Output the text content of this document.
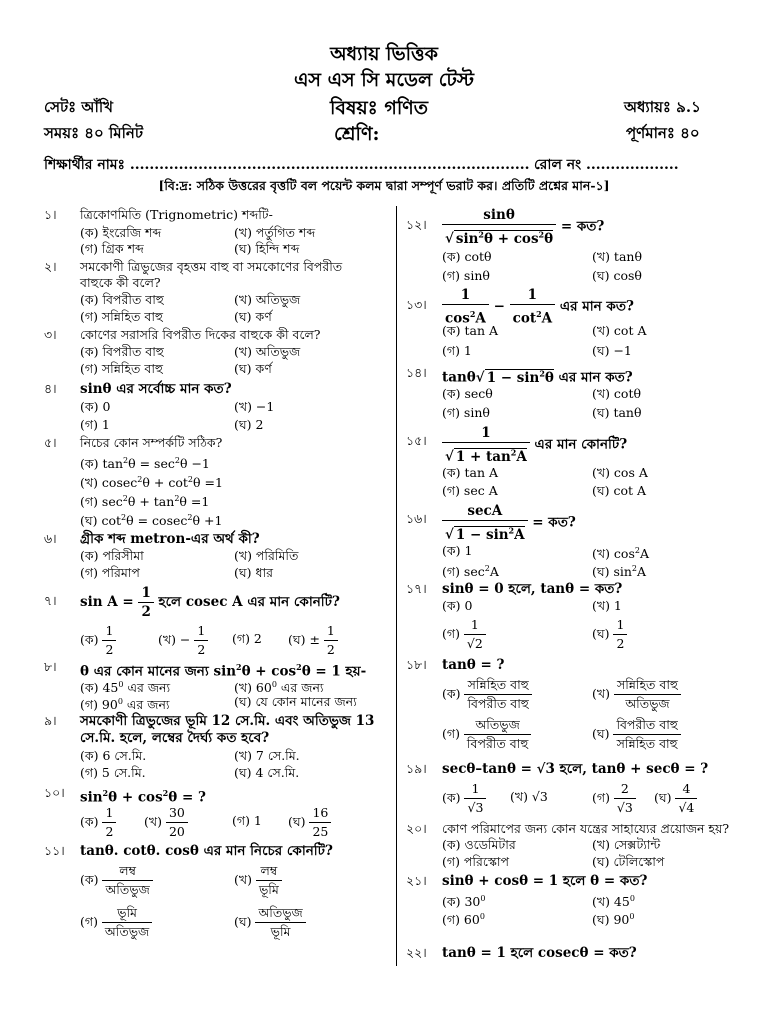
অধ্যায় ভিত্তিক
এস এস সি মডেল টেস্ট
সেটঃ আঁখি	বিষয়ঃ গণিত	অধ্যায়ঃ ৯.১
সময়ঃ ৪০ মিনিট	শ্রেণি:	পূর্ণমানঃ ৪০
শিক্ষার্থীর নামঃ .................................................................................. রোল নং ...................
[বি:দ্র: সঠিক উত্তরের বৃত্তটি বল পয়েন্ট কলম দ্বারা সম্পূর্ণ ভরাট কর। প্রতিটি প্রশ্নের মান-১]
১। ত্রিকোণমিতি (Trignometric) শব্দটি-
(ক) ইংরেজি শব্দ	(খ) পর্তুগিত শব্দ
(গ) গ্রিক শব্দ	(ঘ) হিন্দি শব্দ
২। সমকোণী ত্রিভুজের বৃহত্তম বাহু বা সমকোণের বিপরীত
বাহুকে কী বলে?
(ক) বিপরীত বাহু	(খ) অতিভুজ
(গ) সন্নিহিত বাহু	(ঘ) কর্ণ
৩। কোণের সরাসরি বিপরীত দিকের বাহুকে কী বলে?
(ক) বিপরীত বাহু	(খ) অতিভুজ
(গ) সন্নিহিত বাহু	(ঘ) কর্ণ
৪। sinθ এর সর্বোচ্চ মান কত?
(ক) 0	(খ) −1
(গ) 1	(ঘ) 2
৫। নিচের কোন সম্পর্কটি সঠিক?
(ক) $\tan^2\theta = \sec^2\theta -1$
(খ) $cosec^2\theta + \cot^2\theta =1$
(গ) $\sec^2\theta + \tan^2\theta =1$
(ঘ) $\cot^2\theta = cosec^2\theta +1$
৬। গ্রীক শব্দ metron-এর অর্থ কী?
(ক) পরিসীমা	(খ) পরিমিতি
(গ) পরিমাপ	(ঘ) ধার
৭। $\sin A = \frac{1}{2}$ হলে cosec A এর মান কোনটি?
(ক) $\frac{1}{2}$	(খ) − $\frac{1}{2}$ (গ) 2 (ঘ) ± $\frac{1}{2}$
৮। θ এর কোন মানের জন্য $\sin^2\theta + \cos^2\theta = 1$ হয়-
(ক) $45^0$ এর জন্য	(খ) $60^0$ এর জন্য
(গ) $90^0$ এর জন্য	(ঘ) যে কোন মানের জন্য
৯। সমকোণী ত্রিভুজের ভূমি 12 সে.মি. এবং অতিভুজ 13
সে.মি. হলে, লম্বের দৈর্ঘ্য কত হবে?
(ক) 6 সে.মি.	(খ) 7 সে.মি.
(গ) 5 সে.মি.	(ঘ) 4 সে.মি.
১০। $\sin^2\theta + \cos^2\theta$ = ?
(ক) $\frac{1}{2}$ (খ) $\frac{30}{20}$	(গ) 1 (ঘ) $\frac{16}{25}$
১১। tanθ. cotθ. cosθ এর মান নিচের কোনটি?
(ক)
লম্ব
অতিভুজ
(খ)
লম্ব
ভূমি
(গ)
ভূমি
অতিভুজ
(ঘ)
অতিভুজ
ভূমি
১২। $\frac{\sin\theta}{√ \sin^2\theta + \cos^2\theta}$ = কত?
(ক) cotθ	(খ) tanθ
(গ) sinθ	(ঘ) cosθ
১৩। $\frac{1}{\cos^2A} - \frac{1}{\cot^2A}$ এর মান কত?
(ক) tan A	(খ) cot A
(গ) 1	(ঘ) −1
১৪। tanθ√ $1 - \sin^2\theta$ এর মান কত?
(ক) secθ	(খ) cotθ
(গ) sinθ	(ঘ) tanθ
১৫। $\frac{1}{√ 1 + \tan^2A}$ এর মান কোনটি?
(ক) tan A	(খ) cos A
(গ) sec A	(ঘ) cot A
১৬।	secA
√ $1 - \sin^2A$
= কত?
(ক) 1	(খ) $\cos^2A$
(গ) $\sec^2A$	(ঘ) $\sin^2A$
১৭। sinθ = 0 হলে, tanθ = কত?
(ক) 0	(খ) 1
(গ) $\frac{1}{√2}$	(ঘ) $\frac{1}{2}$
১৮। tanθ = ?
(ক)
সন্নিহিত বাহু
বিপরীত বাহু
(খ)
সন্নিহিত বাহু
অতিভুজ
(গ)
অতিভুজ
বিপরীত বাহু
(ঘ)
বিপরীত বাহু
সন্নিহিত বাহু
১৯। secθ–tanθ = √3 হলে, tanθ + secθ = ?
(ক) $\frac{1}{√3}$ (খ) √3	(গ) $\frac{2}{√3}$ (ঘ) $\frac{4}{√4}$
২০। কোণ পরিমাপের জন্য কোন যন্ত্রের সাহায্যের প্রয়োজন হয়?
(ক) ওডেমিটার	(খ) সেক্সট্যান্ট
(গ) পরিস্কোপ	(ঘ) টেলিস্কোপ
২১। sinθ + cosθ = 1 হলে θ = কত?
(ক) $30^0$	(খ) $45^0$
(গ) $60^0$	(ঘ) $90^0$
২২। tanθ = 1 হলে cosecθ = কত?
